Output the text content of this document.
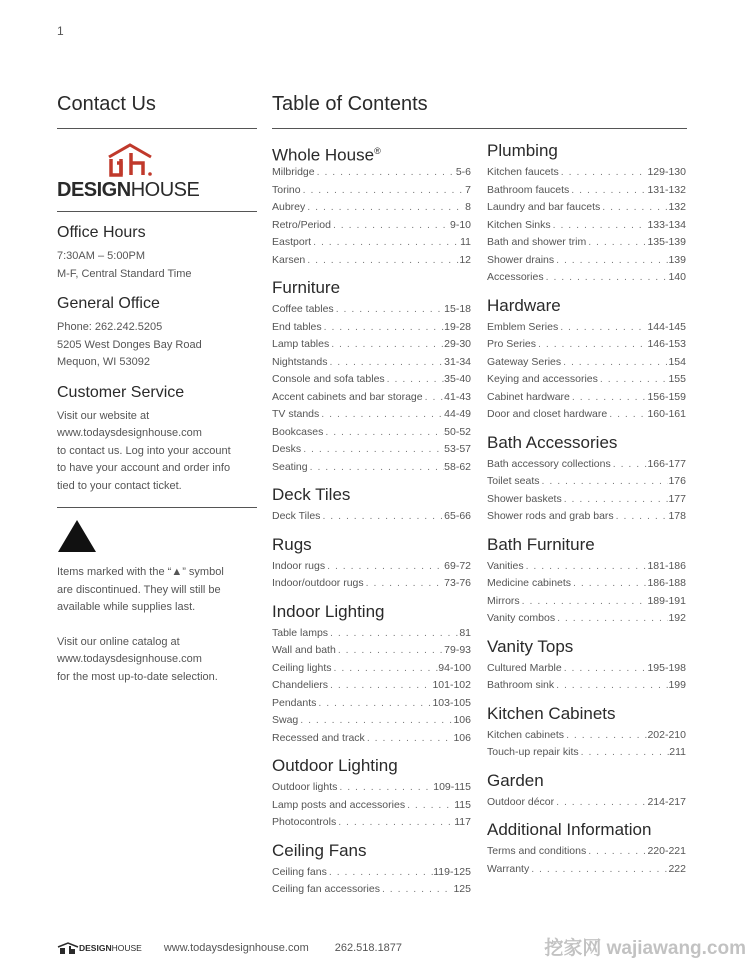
1
Contact Us
DESIGNHOUSE
Office Hours
7:30AM – 5:00PM
M-F, Central Standard Time
General Office
Phone: 262.242.5205
5205 West Donges Bay Road
Mequon, WI 53092
Customer Service
Visit our website at
www.todaysdesignhouse.com
to contact us. Log into your account
to have your account and order info
tied to your contact ticket.
Items marked with the “▲” symbol
are discontinued. They will still be
available while supplies last.
Visit our online catalog at
www.todaysdesignhouse.com
for the most up-to-date selection.
Table of Contents
Whole House®
Milbridge . . .	5-6
Torino . . .	7
Aubrey . . .	8
Retro/Period . . .	9-10
Eastport . . .	11
Karsen . . .	12
Furniture
Coffee tables . . .	15-18
End tables . . .	19-28
Lamp tables . . .	29-30
Nightstands . . .	31-34
Console and sofa tables . . .	35-40
Accent cabinets and bar storage . . . 41-43
TV stands . . .	44-49
Bookcases . . .	50-52
Desks . . .	53-57
Seating . . .	58-62
Deck Tiles
Deck Tiles . . .	65-66
Rugs
Indoor rugs . . .	69-72
Indoor/outdoor rugs . . .	73-76
Indoor Lighting
Table lamps . . .	81
Wall and bath . . .	79-93
Ceiling lights . . .	94-100
Chandeliers . . .	101-102
Pendants . . .	103-105
Swag . . .	106
Recessed and track . . .	106
Outdoor Lighting
Outdoor lights . . .	109-115
Lamp posts and accessories . . .	115
Photocontrols . . .	117
Ceiling Fans
Ceiling fans . . .	119-125
Ceiling fan accessories . . .	125
Plumbing
Kitchen faucets . . .	129-130
Bathroom faucets . . .	131-132
Laundry and bar faucets . . .	132
Kitchen Sinks . . .	133-134
Bath and shower trim . . .	135-139
Shower drains . . .	139
Accessories . . .	140
Hardware
Emblem Series . . .	144-145
Pro Series . . .	146-153
Gateway Series . . .	154
Keying and accessories . . .	155
Cabinet hardware . . .	156-159
Door and closet hardware . . .	160-161
Bath Accessories
Bath accessory collections . . .	166-177
Toilet seats . . .	176
Shower baskets . . .	177
Shower rods and grab bars . . .	178
Bath Furniture
Vanities . . .	181-186
Medicine cabinets . . .	186-188
Mirrors . . .	189-191
Vanity combos . . .	192
Vanity Tops
Cultured Marble . . .	195-198
Bathroom sink . . .	199
Kitchen Cabinets
Kitchen cabinets . . .	202-210
Touch-up repair kits . . .	211
Garden
Outdoor décor . . .	214-217
Additional Information
Terms and conditions . . .	220-221
Warranty . . .	222
DESIGN HOUSE www.todaysdesignhouse.com 262.518.1877	挖家网 wajiawang.com
